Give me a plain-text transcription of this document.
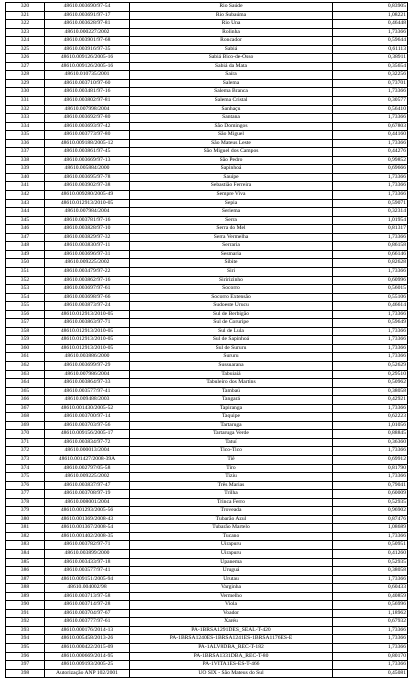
320	48610.003690/97-54	Rio Saúde	0,83905
321	48610.003691/97-17	Rio Subaúma	1,08221
322	48610.003628/97-81	Rio Una	0,46448
323	48610.000227/2002	Rolinha	1,73366
324	48610.003901/97-68	Roncador	0,59644
325	48610.003916/97-35	Sabiá	0,61113
326	48610.009126/2005-16	Sabiá Bico-de-Osso	0,38911
327	48610.009126/2005-16	Sabiá da Mata	0,35654
328	48610.010735/2001	Saíra	0,32256
329	48610.003710/97-60	Salema	0,73701
330	48610.003481/97-16	Salema Branca	1,73366
331	48610.003802/97-81	Salema Cristal	0,30577
332	48610.007998/2004	Sanhaçu	0,56410
333	48610.003692/97-80	Santana	1,73366
334	48610.003693/97-42	São Domingos	0,67803
335	48610.003773/97-80	São Miguel	0,44160
336	48610.009188/2005-12	São Mateus Leste	1,73366
337	48610.003861/97-45	São Miguel dos Campos	0,44276
338	48610.003669/97-13	São Pedro	0,99852
339	48610.005884/2000	Sapinhoá	0,69666
340	48610.003695/97-78	Sauípe	1,73366
341	48610.003902/97-38	Sebastião Ferreira	1,73366
342	48610.009280/2005-49	Sempre Viva	1,73366
343	48610.012913/2010-05	Sepia	0,59071
344	48610.007984/2004	Seriema	0,32314
345	48610.003781/97-16	Serra	1,01954
346	48610.003828/97-10	Serra do Mel	0,81317
347	48610.003829/97-32	Serra Vermelha	1,73366
348	48610.003830/97-11	Serraria	0,86158
349	48610.003696/97-31	Sesmaria	0,66146
350	48610.009225/2002	Sibite	0,82628
351	48610.003479/97-22	Siri	1,73366
352	48610.003862/97-16	Siririzinho	0,60996
353	48610.003697/97-61	Socorro	0,56015
354	48610.003698/97-66	Socorro Extensão	0,55106
355	48610.003873/97-24	Sudoeste Urucu	0,46614
356	48610.012913/2010-05	Sul de Berbigão	1,73366
357	48610.003863/97-71	Sul de Coruripe	0,59649
358	48610.012913/2010-05	Sul de Lula	1,73366
359	48610.012913/2010-05	Sul de Sapinhoá	1,73366
360	48610.012913/2010-05	Sul de Sururu	1,73366
361	48610.003886/2000	Sururu	1,73366
362	48610.003699/97-29	Sussuarana	0,52629
363	48610.007986/2004	Tabuiaiá	0,29510
364	48610.003864/97-33	Tabuleiro dos Martins	0,50962
365	48610.003577/97-41	Tambaú	0,38058
366	48610.009488/2003	Tangará	0,42921
367	48610.001430/2005-52	Tapiranga	1,73366
368	48610.003700/97-14	Taquipe	0,62223
369	48610.003703/97-56	Tartaruga	1,01056
370	48610.009156/2005-17	Tartaruga Verde	0,88845
371	48610.003834/97-72	Tatuí	0,36360
372	48610.000013/2004	Tico-Tico	1,73366
373	48610.001427/2008-39A	Tiê	0,69912
374	48610.002797/05-58	Tiro	0,81790
375	48610.009225/2002	Tiziu	1,73366
376	48610.003837/97-47	Três Marias	0,79041
377	48610.003708/97-19	Trilha	0,60009
378	48610.008001/2004	Trinca Ferro	0,52935
379	48610.001293/2005-56	Troveada	0,96902
380	48610.001369/2008-43	Tubarão Azul	0,87476
381	48610.001367/2008-54	Tubarão Martelo	1,08689
382	48610.001402/2008-35	Tucano	1,73366
383	48610.003782/97-71	Uirapuru	0,50951
384	48610.003899/2000	Uirapuru	0,41260
385	48610.003433/97-18	Upanema	0,52935
386	48610.003577/97-41	Uruguá	0,38058
387	48610.009151/2005-94	Urutau	1,73366
388	48610.004002/98	Varginha	0,60433
389	48610.003713/97-58	Vermelho	0,40859
390	48610.003714/97-28	Viola	0,56996
391	48610.003704/97-67	Voador	1,18962
392	48610.003777/97-61	Xaréu	0,67932
393	48610.000176/2014-13	PA-1BRSA1291DES_SEAL-T-420	1,73366
394	48610.005458/2013-26	PA-1BRSA1240ES-1BRSA1241ES-1BRSA1176ES-E	1,73366
395	48610.000422/2015-09	PA-1ALV8DBA_REC-T-182	1,73366
396	48610.000669/2014-95	PA-1BRSA1331DBA_REC-T-80	0,80170
397	48610.009193/2005-25	PA-1VITA1ES-ES-T-466	1,73366
398	Autorização ANP 102/2001	UO SIX - São Mateus do Sul	0,45081
